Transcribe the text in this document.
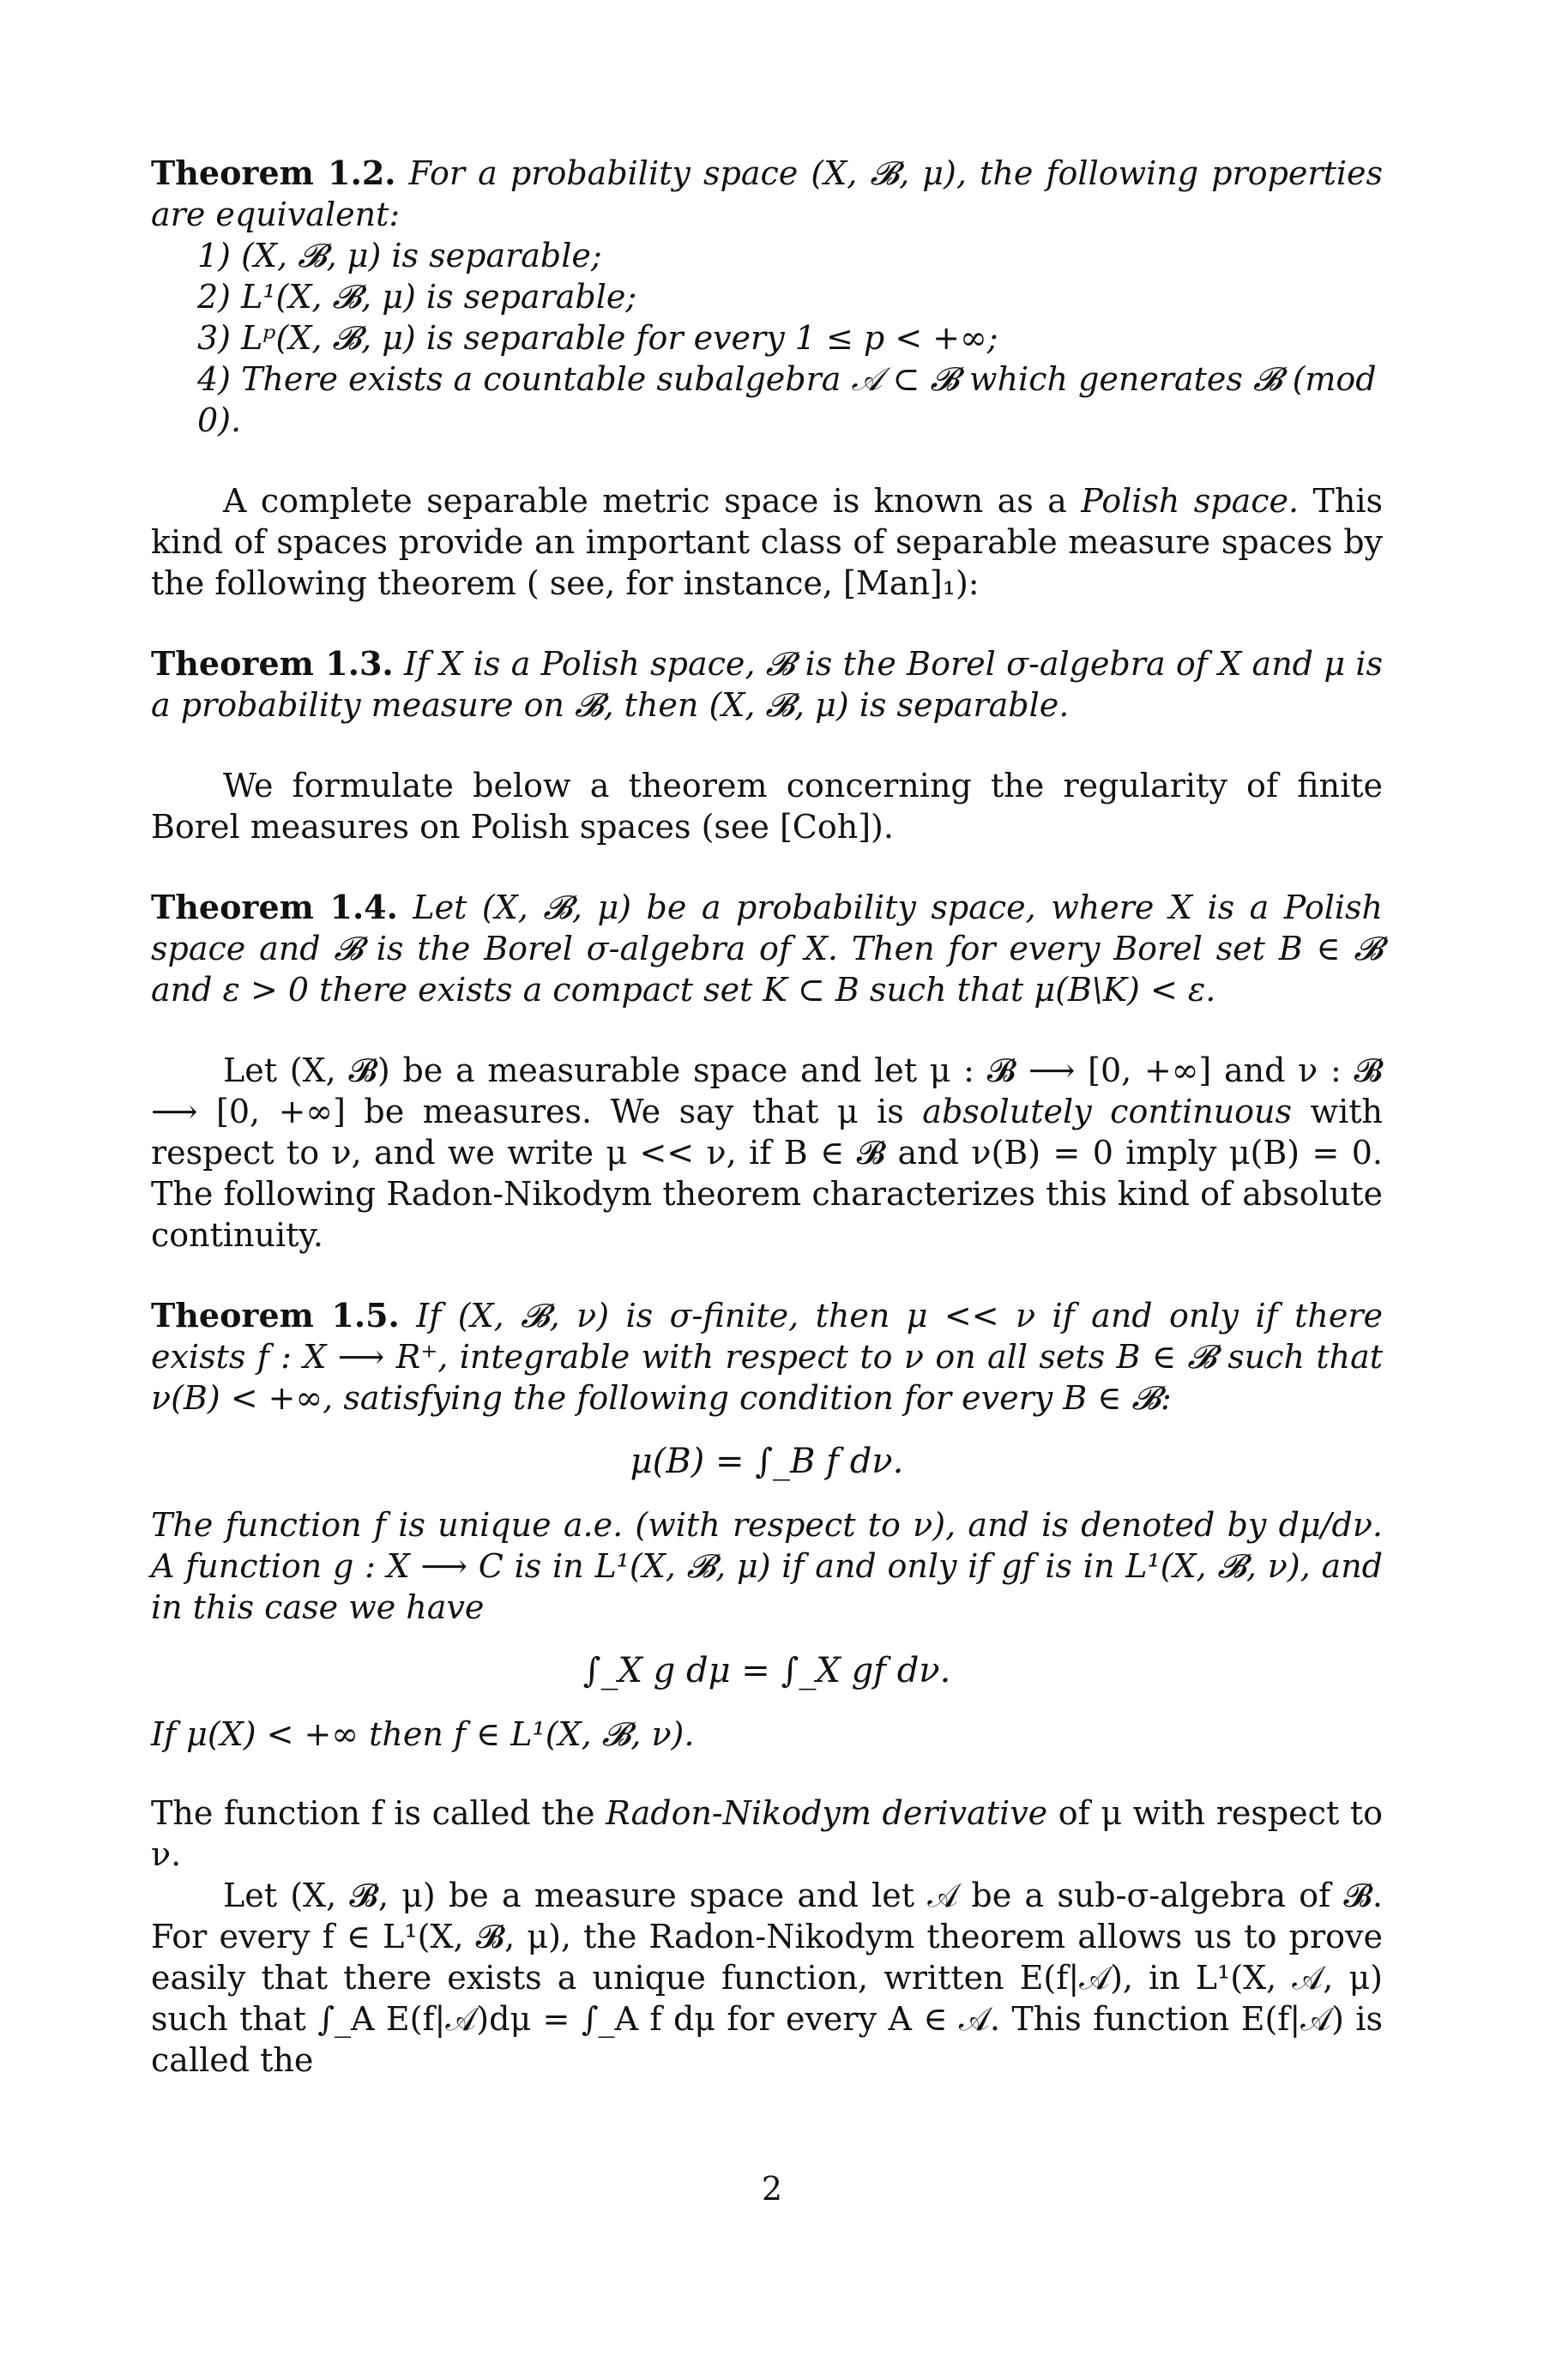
Theorem 1.2. For a probability space (X, 𝓑, μ), the following properties are equivalent:

1) (X, 𝓑, μ) is separable;
2) L¹(X, 𝓑, μ) is separable;
3) Lᵖ(X, 𝓑, μ) is separable for every 1 ≤ p < +∞;
4) There exists a countable subalgebra 𝒜 ⊂ 𝓑 which generates 𝓑 (mod 0).

A complete separable metric space is known as a Polish space. This kind of spaces provide an important class of separable measure spaces by the following theorem ( see, for instance, [Man]₁):

Theorem 1.3. If X is a Polish space, 𝓑 is the Borel σ-algebra of X and μ is a probability measure on 𝓑, then (X, 𝓑, μ) is separable.

We formulate below a theorem concerning the regularity of finite Borel measures on Polish spaces (see [Coh]).

Theorem 1.4. Let (X, 𝓑, μ) be a probability space, where X is a Polish space and 𝓑 is the Borel σ-algebra of X. Then for every Borel set B ∈ 𝓑 and ε > 0 there exists a compact set K ⊂ B such that μ(B\K) < ε.

Let (X, 𝓑) be a measurable space and let μ : 𝓑 ⟶ [0, +∞] and ν : 𝓑 ⟶ [0, +∞] be measures. We say that μ is absolutely continuous with respect to ν, and we write μ << ν, if B ∈ 𝓑 and ν(B) = 0 imply μ(B) = 0. The following Radon-Nikodym theorem characterizes this kind of absolute continuity.

Theorem 1.5. If (X, 𝓑, ν) is σ-finite, then μ << ν if and only if there exists f : X ⟶ R⁺, integrable with respect to ν on all sets B ∈ 𝓑 such that ν(B) < +∞, satisfying the following condition for every B ∈ 𝓑:

μ(B) = ∫_B f dν.

The function f is unique a.e. (with respect to ν), and is denoted by dμ/dν. A function g : X ⟶ C is in L¹(X, 𝓑, μ) if and only if gf is in L¹(X, 𝓑, ν), and in this case we have

∫_X g dμ = ∫_X gf dν.

If μ(X) < +∞ then f ∈ L¹(X, 𝓑, ν).

The function f is called the Radon-Nikodym derivative of μ with respect to ν.

Let (X, 𝓑, μ) be a measure space and let 𝒜 be a sub-σ-algebra of 𝓑. For every f ∈ L¹(X, 𝓑, μ), the Radon-Nikodym theorem allows us to prove easily that there exists a unique function, written E(f|𝒜), in L¹(X, 𝒜, μ) such that ∫_A E(f|𝒜)dμ = ∫_A f dμ for every A ∈ 𝒜. This function E(f|𝒜) is called the

2
